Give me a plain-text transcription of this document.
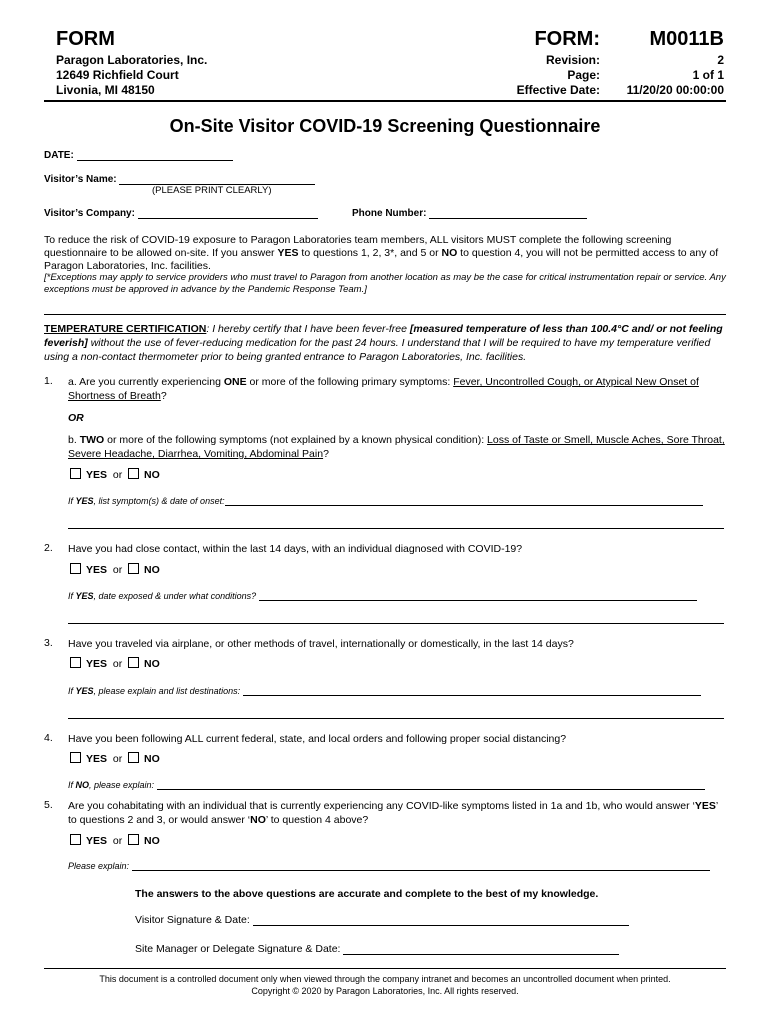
FORM
Paragon Laboratories, Inc.
12649 Richfield Court
Livonia, MI 48150
FORM:
Revision:
Page:
Effective Date:
M0011B
2
1 of 1
11/20/20 00:00:00
On-Site Visitor COVID-19 Screening Questionnaire
DATE:
Visitor’s Name:
(PLEASE PRINT CLEARLY)
Visitor’s Company:	Phone Number:
To reduce the risk of COVID-19 exposure to Paragon Laboratories team members, ALL visitors MUST complete the following screening questionnaire to be allowed on-site. If you answer YES to questions 1, 2, 3*, and 5 or NO to question 4, you will not be permitted access to any of Paragon Laboratories, Inc. facilities.
[*Exceptions may apply to service providers who must travel to Paragon from another location as may be the case for critical instrumentation repair or service. Any exceptions must be approved in advance by the Pandemic Response Team.]
TEMPERATURE CERTIFICATION: I hereby certify that I have been fever-free [measured temperature of less than 100.4°C and/ or not feeling feverish] without the use of fever-reducing medication for the past 24 hours. I understand that I will be required to have my temperature verified using a non-contact thermometer prior to being granted entrance to Paragon Laboratories, Inc. facilities.
1. a. Are you currently experiencing ONE or more of the following primary symptoms: Fever, Uncontrolled Cough, or Atypical New Onset of Shortness of Breath?
OR
b. TWO or more of the following symptoms (not explained by a known physical condition): Loss of Taste or Smell, Muscle Aches, Sore Throat, Severe Headache, Diarrhea, Vomiting, Abdominal Pain?
YES or NO
If YES, list symptom(s) & date of onset:
2. Have you had close contact, within the last 14 days, with an individual diagnosed with COVID-19?
YES or NO
If YES, date exposed & under what conditions?
3. Have you traveled via airplane, or other methods of travel, internationally or domestically, in the last 14 days?
YES or NO
If YES, please explain and list destinations:
4. Have you been following ALL current federal, state, and local orders and following proper social distancing?
YES or NO
If NO, please explain:
5. Are you cohabitating with an individual that is currently experiencing any COVID-like symptoms listed in 1a and 1b, who would answer ‘YES’ to questions 2 and 3, or would answer ‘NO’ to question 4 above?
YES or NO
Please explain:
The answers to the above questions are accurate and complete to the best of my knowledge.
Visitor Signature & Date:
Site Manager or Delegate Signature & Date:
This document is a controlled document only when viewed through the company intranet and becomes an uncontrolled document when printed.
Copyright © 2020 by Paragon Laboratories, Inc. All rights reserved.
